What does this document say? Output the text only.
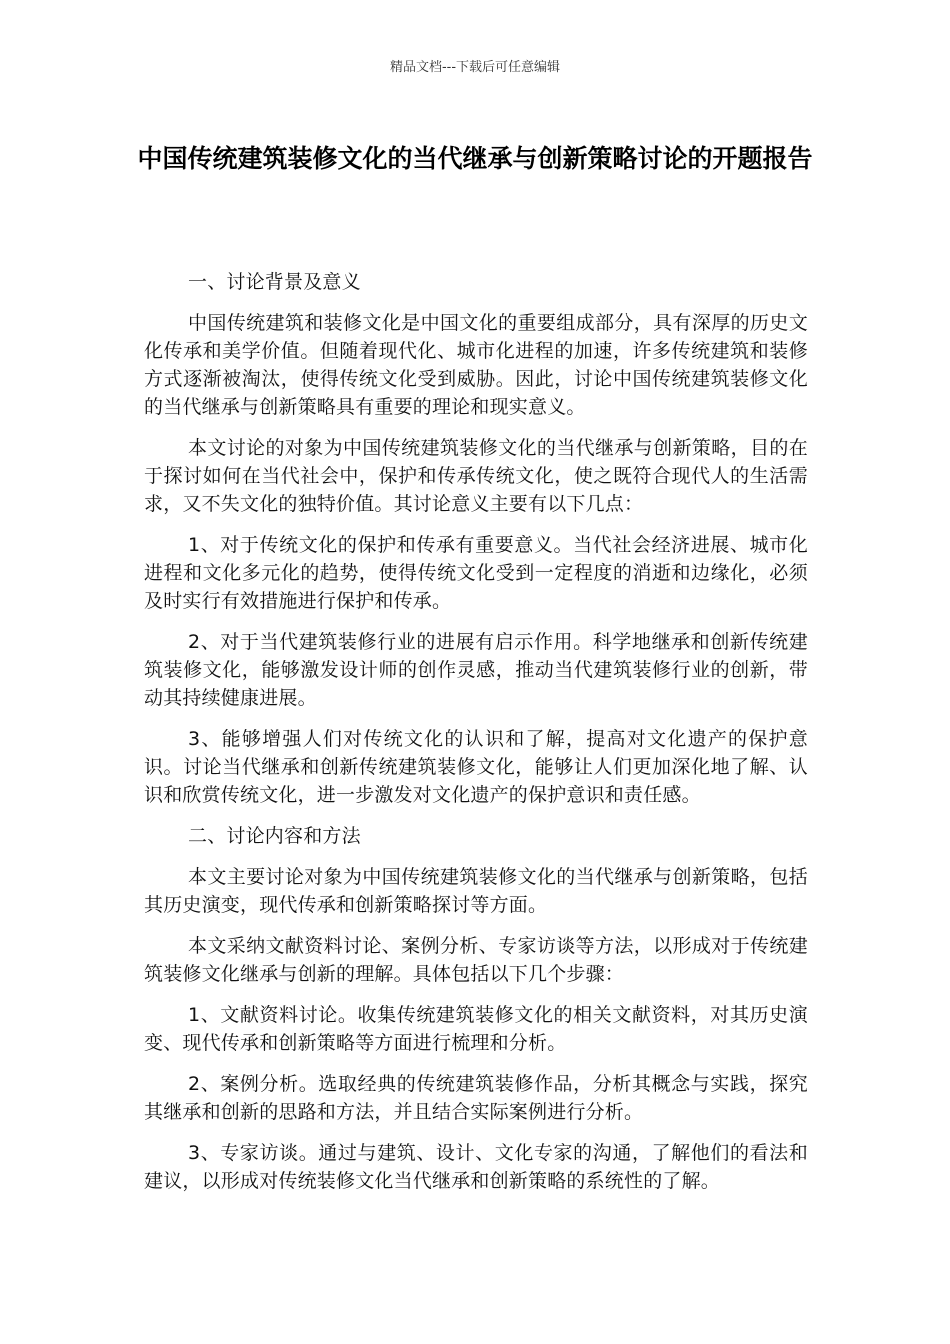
精品文档---下载后可任意编辑
中国传统建筑装修文化的当代继承与创新策略讨论的开题报告

一、讨论背景及意义

中国传统建筑和装修文化是中国文化的重要组成部分，具有深厚的历史文化传承和美学价值。但随着现代化、城市化进程的加速，许多传统建筑和装修方式逐渐被淘汰，使得传统文化受到威胁。因此，讨论中国传统建筑装修文化的当代继承与创新策略具有重要的理论和现实意义。

本文讨论的对象为中国传统建筑装修文化的当代继承与创新策略，目的在于探讨如何在当代社会中，保护和传承传统文化，使之既符合现代人的生活需求，又不失文化的独特价值。其讨论意义主要有以下几点：

1、对于传统文化的保护和传承有重要意义。当代社会经济进展、城市化进程和文化多元化的趋势，使得传统文化受到一定程度的消逝和边缘化，必须及时实行有效措施进行保护和传承。

2、对于当代建筑装修行业的进展有启示作用。科学地继承和创新传统建筑装修文化，能够激发设计师的创作灵感，推动当代建筑装修行业的创新，带动其持续健康进展。

3、能够增强人们对传统文化的认识和了解，提高对文化遗产的保护意识。讨论当代继承和创新传统建筑装修文化，能够让人们更加深化地了解、认识和欣赏传统文化，进一步激发对文化遗产的保护意识和责任感。

二、讨论内容和方法

本文主要讨论对象为中国传统建筑装修文化的当代继承与创新策略，包括其历史演变，现代传承和创新策略探讨等方面。

本文采纳文献资料讨论、案例分析、专家访谈等方法，以形成对于传统建筑装修文化继承与创新的理解。具体包括以下几个步骤：

1、文献资料讨论。收集传统建筑装修文化的相关文献资料，对其历史演变、现代传承和创新策略等方面进行梳理和分析。

2、案例分析。选取经典的传统建筑装修作品，分析其概念与实践，探究其继承和创新的思路和方法，并且结合实际案例进行分析。

3、专家访谈。通过与建筑、设计、文化专家的沟通，了解他们的看法和建议，以形成对传统装修文化当代继承和创新策略的系统性的了解。
